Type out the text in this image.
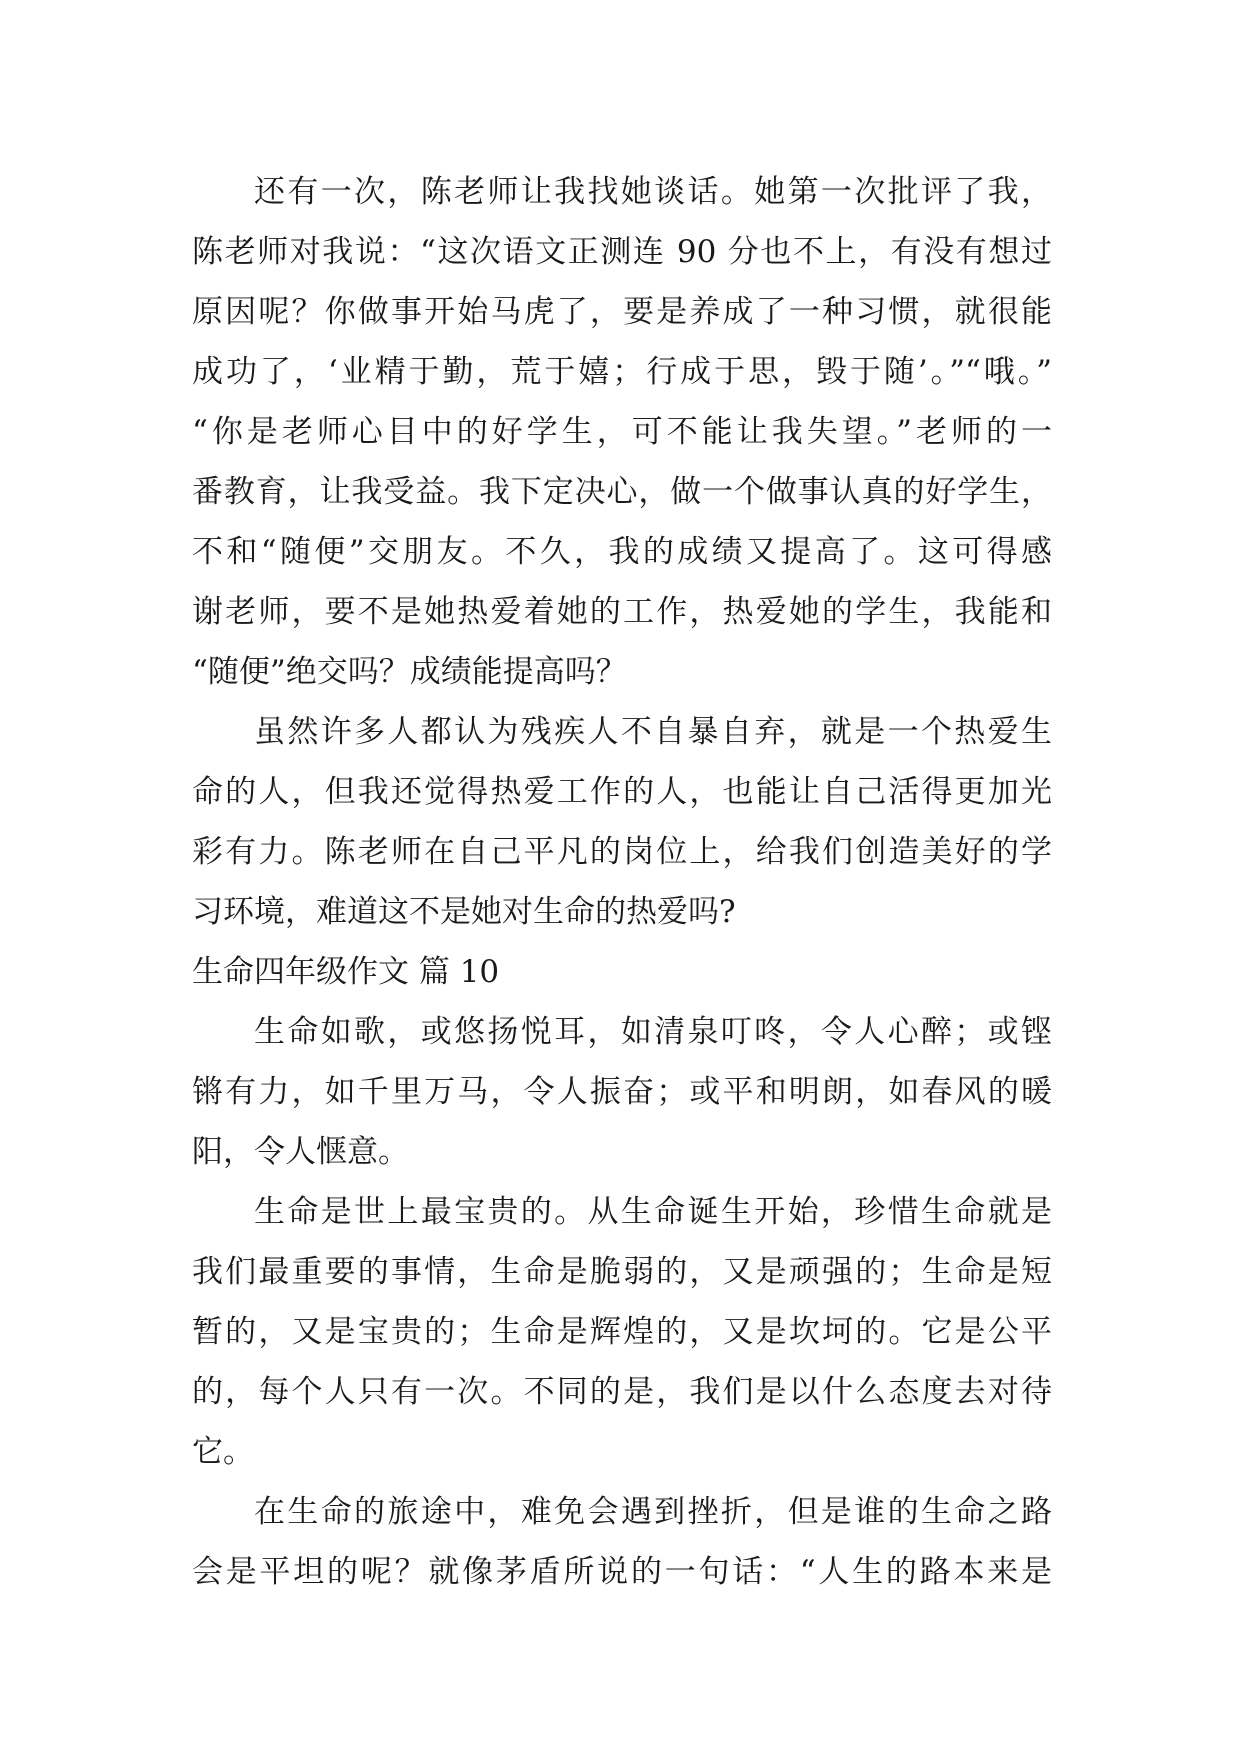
还有一次，陈老师让我找她谈话。她第一次批评了我，
陈老师对我说：“这次语文正测连 90 分也不上，有没有想过
原因呢？你做事开始马虎了，要是养成了一种习惯，就很能
成功了，‘业精于勤，荒于嬉；行成于思，毁于随’。”“哦。”
“你是老师心目中的好学生，可不能让我失望。”老师的一
番教育，让我受益。我下定决心，做一个做事认真的好学生，
不和“随便”交朋友。不久，我的成绩又提高了。这可得感
谢老师，要不是她热爱着她的工作，热爱她的学生，我能和
“随便”绝交吗？成绩能提高吗？
虽然许多人都认为残疾人不自暴自弃，就是一个热爱生
命的人，但我还觉得热爱工作的人，也能让自己活得更加光
彩有力。陈老师在自己平凡的岗位上，给我们创造美好的学
习环境，难道这不是她对生命的热爱吗?
生命四年级作文 篇 10
生命如歌，或悠扬悦耳，如清泉叮咚，令人心醉；或铿
锵有力，如千里万马，令人振奋；或平和明朗，如春风的暖
阳，令人惬意。
生命是世上最宝贵的。从生命诞生开始，珍惜生命就是
我们最重要的事情，生命是脆弱的，又是顽强的；生命是短
暂的，又是宝贵的；生命是辉煌的，又是坎坷的。它是公平
的，每个人只有一次。不同的是，我们是以什么态度去对待
它。
在生命的旅途中，难免会遇到挫折，但是谁的生命之路
会是平坦的呢？就像茅盾所说的一句话：“人生的路本来是
